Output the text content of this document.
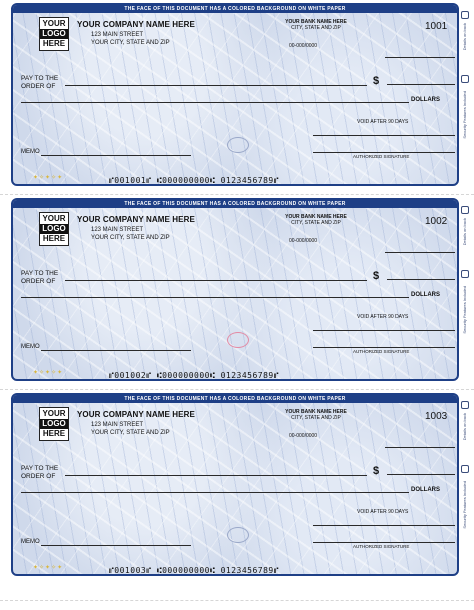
THE FACE OF THIS DOCUMENT HAS A COLORED BACKGROUND ON WHITE PAPER
YOUR
LOGO
HERE
YOUR COMPANY NAME HERE
123 MAIN STREET
YOUR CITY, STATE AND ZIP
YOUR BANK NAME HERE
CITY, STATE AND ZIP
00-000/0000
1001
PAY TO THE
ORDER OF	$
DOLLARS
VOID AFTER 90 DAYS
MEMO
AUTHORIZED SIGNATURE
Details on back
Security Features Included
✦✧✦✧✦	⑈001001⑈ ⑆000000000⑆ 0123456789⑈
THE FACE OF THIS DOCUMENT HAS A COLORED BACKGROUND ON WHITE PAPER
YOUR
LOGO
HERE
YOUR COMPANY NAME HERE
123 MAIN STREET
YOUR CITY, STATE AND ZIP
YOUR BANK NAME HERE
CITY, STATE AND ZIP
00-000/0000
1002
PAY TO THE
ORDER OF	$
DOLLARS
VOID AFTER 90 DAYS
MEMO
AUTHORIZED SIGNATURE
Details on back
Security Features Included
✦✧✦✧✦	⑈001002⑈ ⑆000000000⑆ 0123456789⑈
THE FACE OF THIS DOCUMENT HAS A COLORED BACKGROUND ON WHITE PAPER
YOUR
LOGO
HERE
YOUR COMPANY NAME HERE
123 MAIN STREET
YOUR CITY, STATE AND ZIP
YOUR BANK NAME HERE
CITY, STATE AND ZIP
00-000/0000
1003
PAY TO THE
ORDER OF	$
DOLLARS
VOID AFTER 90 DAYS
MEMO
AUTHORIZED SIGNATURE
Details on back
Security Features Included
✦✧✦✧✦	⑈001003⑈ ⑆000000000⑆ 0123456789⑈
